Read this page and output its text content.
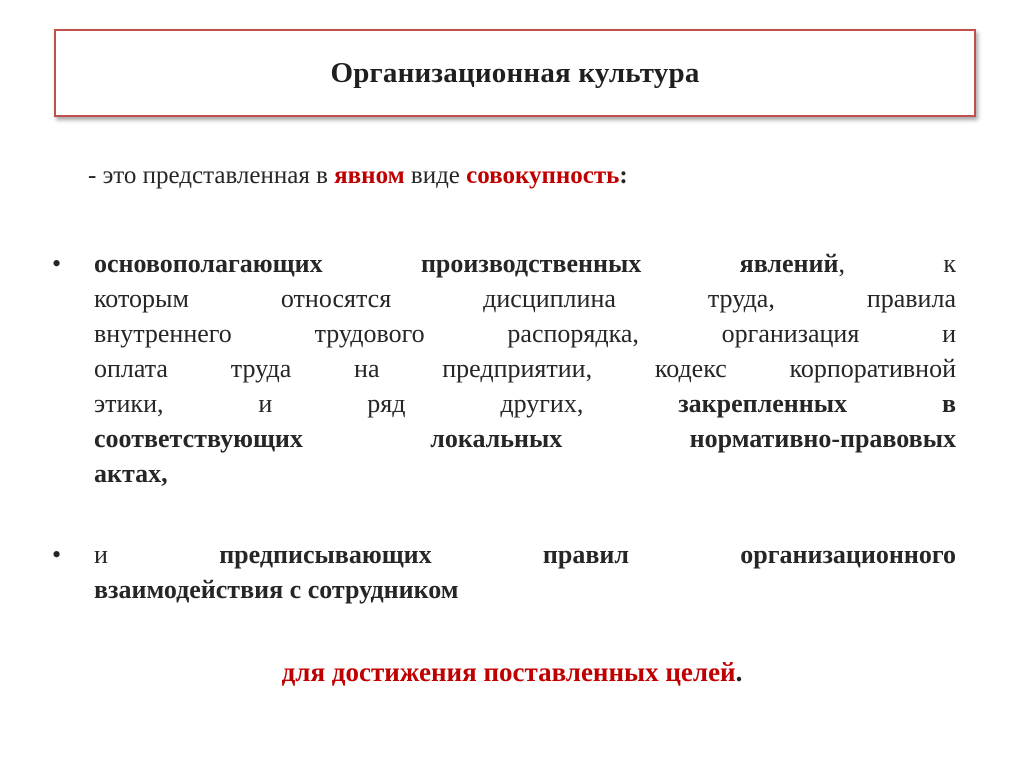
Организационная культура
- это представленная в явном виде совокупность:
• основополагающих производственных явлений, к
которым относятся дисциплина труда, правила
внутреннего трудового распорядка, организация и
оплата труда на предприятии, кодекс корпоративной
этики, и ряд других, закрепленных в
соответствующих локальных нормативно-правовых
актах,
• и предписывающих правил организационного
взаимодействия с сотрудником
для достижения поставленных целей.
